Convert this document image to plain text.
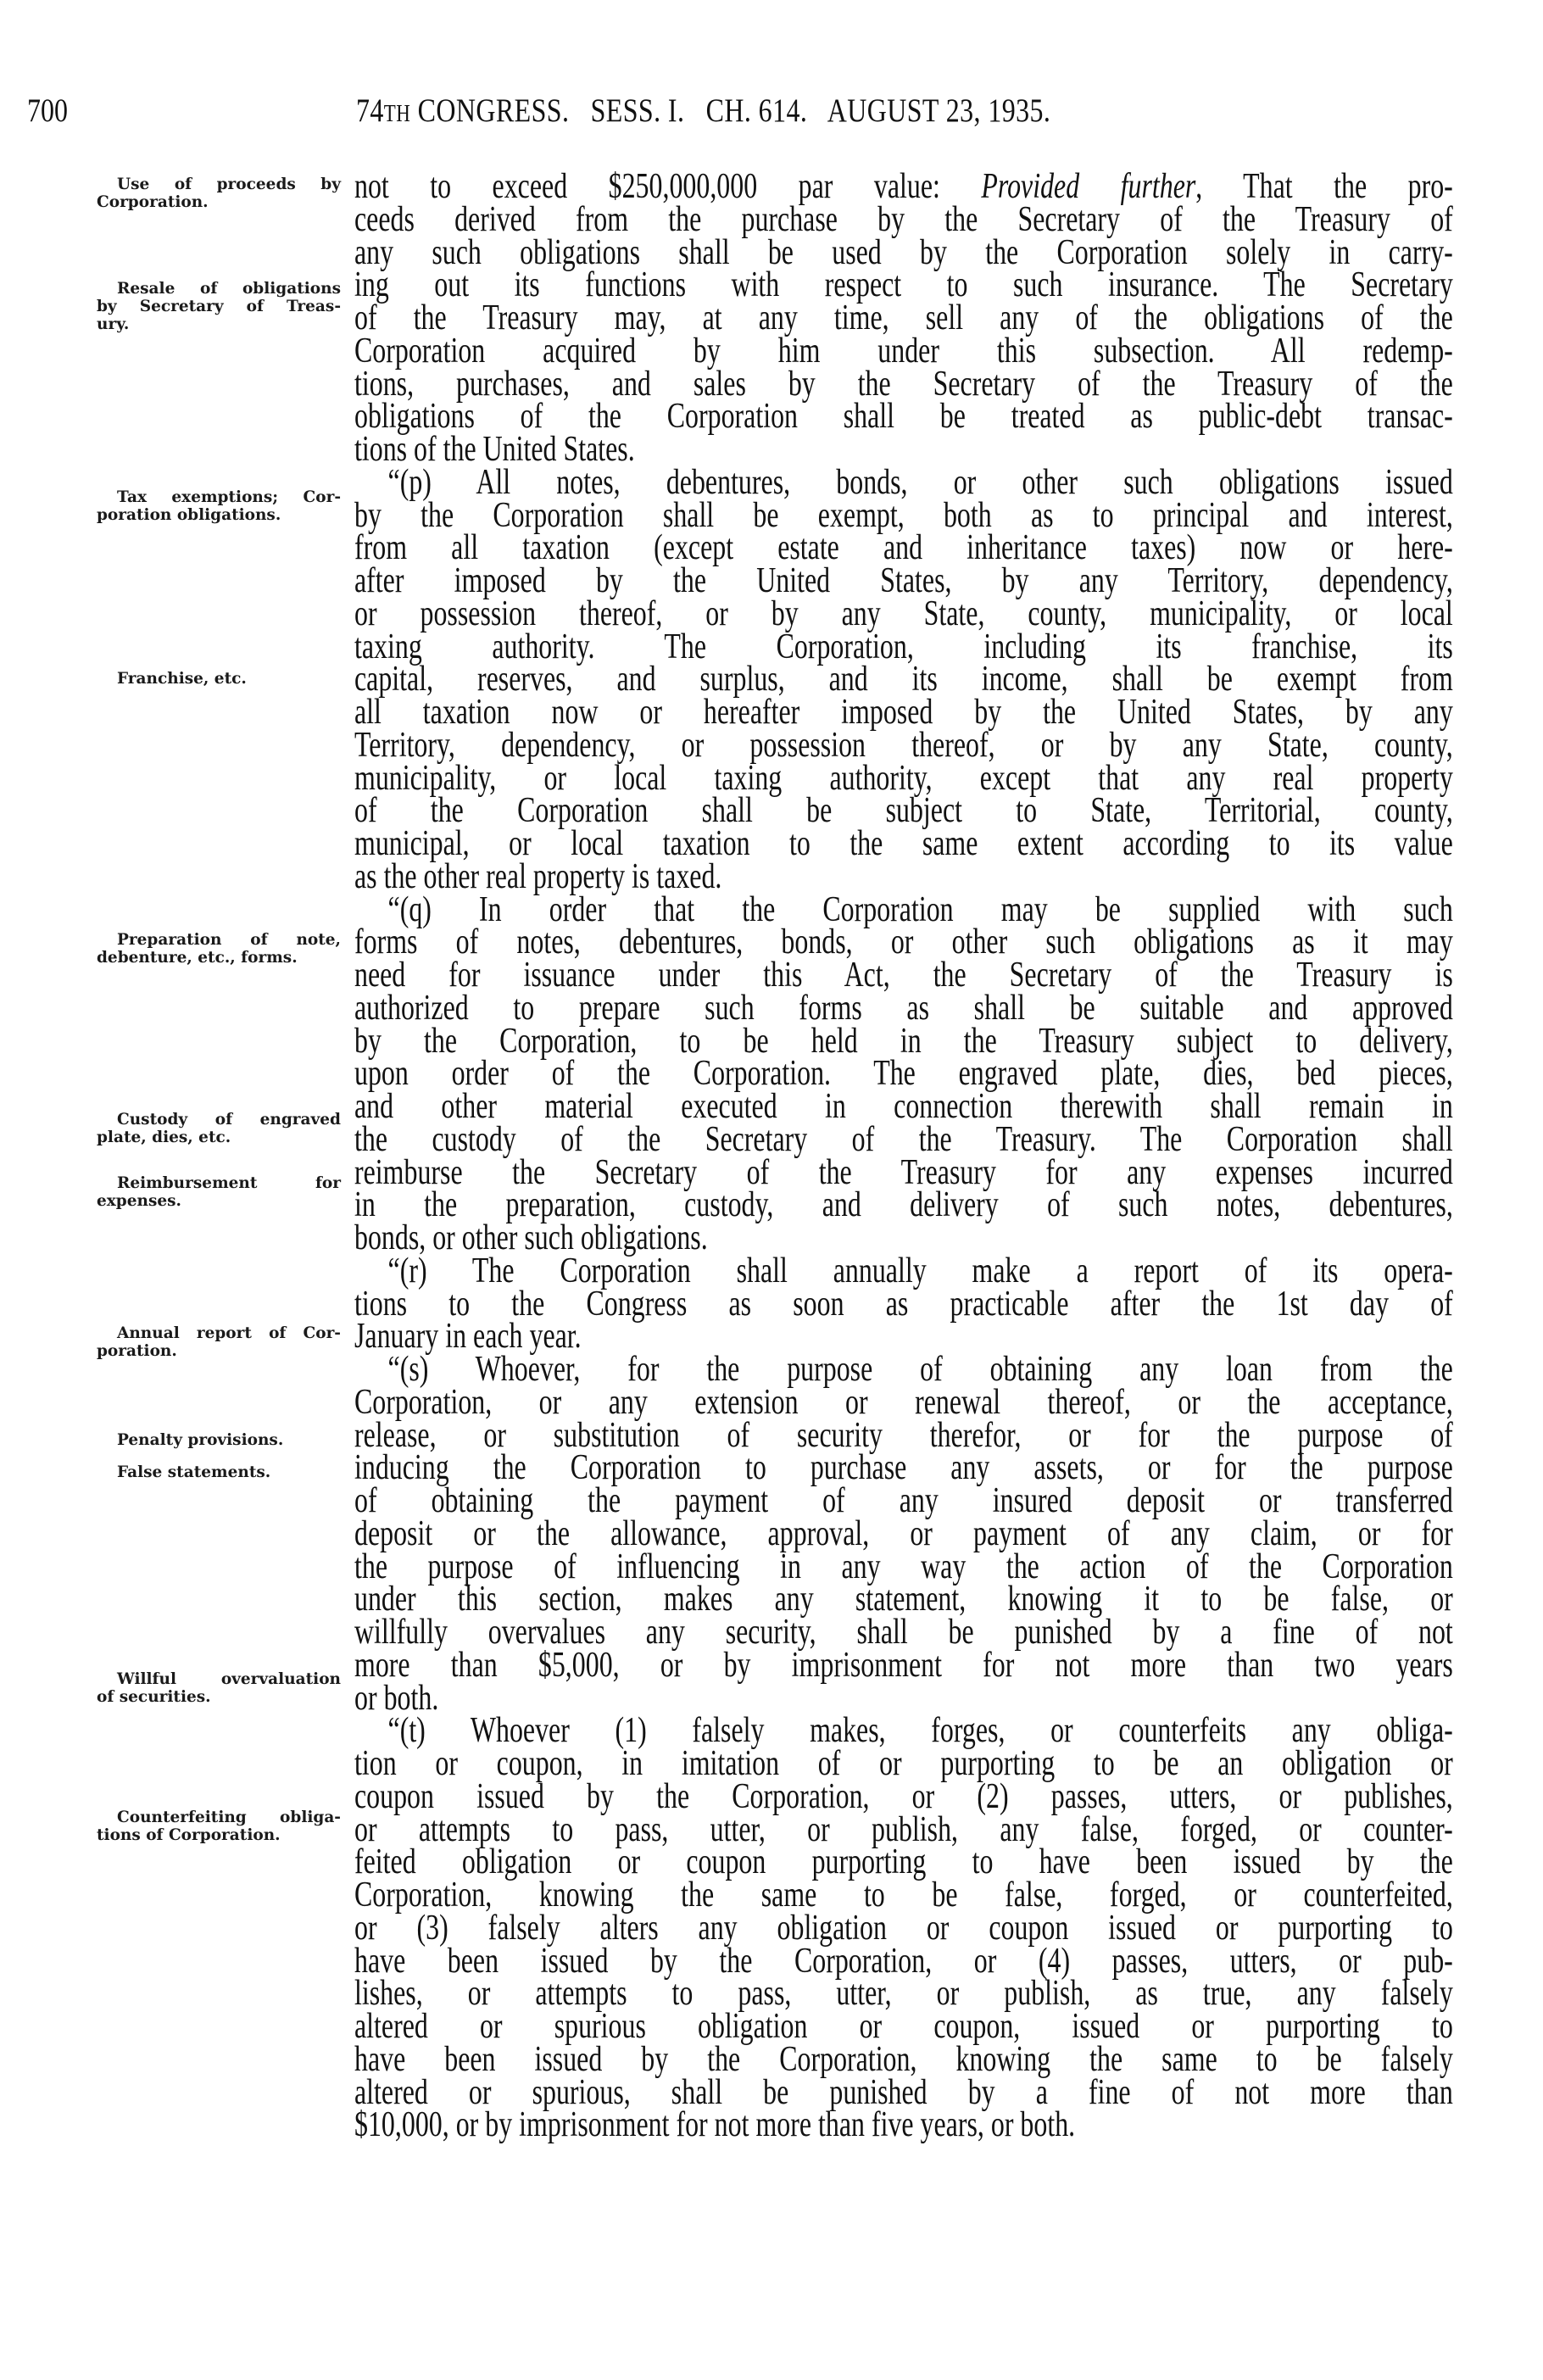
700	74TH CONGRESS.   SESS. I.   CH. 614.   AUGUST 23, 1935.
Use of proceeds by
Corporation.
Resale of obligations
by Secretary of Treas-
ury.
Tax exemptions; Cor-
poration obligations.
Franchise, etc.
Preparation of note,
debenture, etc., forms.
Custody of engraved
plate, dies, etc.
Reimbursement for
expenses.
Annual report of Cor-
poration.
Penalty provisions.
False statements.
Willful overvaluation
of securities.
Counterfeiting obliga-
tions of Corporation.
not to exceed $250,000,000 par value: Provided further, That the pro-
ceeds derived from the purchase by the Secretary of the Treasury of
any such obligations shall be used by the Corporation solely in carry-
ing out its functions with respect to such insurance. The Secretary
of the Treasury may, at any time, sell any of the obligations of the
Corporation acquired by him under this subsection. All redemp-
tions, purchases, and sales by the Secretary of the Treasury of the
obligations of the Corporation shall be treated as public-debt transac-
tions of the United States.
“(p) All notes, debentures, bonds, or other such obligations issued
by the Corporation shall be exempt, both as to principal and interest,
from all taxation (except estate and inheritance taxes) now or here-
after imposed by the United States, by any Territory, dependency,
or possession thereof, or by any State, county, municipality, or local
taxing authority. The Corporation, including its franchise, its
capital, reserves, and surplus, and its income, shall be exempt from
all taxation now or hereafter imposed by the United States, by any
Territory, dependency, or possession thereof, or by any State, county,
municipality, or local taxing authority, except that any real property
of the Corporation shall be subject to State, Territorial, county,
municipal, or local taxation to the same extent according to its value
as the other real property is taxed.
“(q) In order that the Corporation may be supplied with such
forms of notes, debentures, bonds, or other such obligations as it may
need for issuance under this Act, the Secretary of the Treasury is
authorized to prepare such forms as shall be suitable and approved
by the Corporation, to be held in the Treasury subject to delivery,
upon order of the Corporation. The engraved plate, dies, bed pieces,
and other material executed in connection therewith shall remain in
the custody of the Secretary of the Treasury. The Corporation shall
reimburse the Secretary of the Treasury for any expenses incurred
in the preparation, custody, and delivery of such notes, debentures,
bonds, or other such obligations.
“(r) The Corporation shall annually make a report of its opera-
tions to the Congress as soon as practicable after the 1st day of
January in each year.
“(s) Whoever, for the purpose of obtaining any loan from the
Corporation, or any extension or renewal thereof, or the acceptance,
release, or substitution of security therefor, or for the purpose of
inducing the Corporation to purchase any assets, or for the purpose
of obtaining the payment of any insured deposit or transferred
deposit or the allowance, approval, or payment of any claim, or for
the purpose of influencing in any way the action of the Corporation
under this section, makes any statement, knowing it to be false, or
willfully overvalues any security, shall be punished by a fine of not
more than $5,000, or by imprisonment for not more than two years
or both.
“(t) Whoever (1) falsely makes, forges, or counterfeits any obliga-
tion or coupon, in imitation of or purporting to be an obligation or
coupon issued by the Corporation, or (2) passes, utters, or publishes,
or attempts to pass, utter, or publish, any false, forged, or counter-
feited obligation or coupon purporting to have been issued by the
Corporation, knowing the same to be false, forged, or counterfeited,
or (3) falsely alters any obligation or coupon issued or purporting to
have been issued by the Corporation, or (4) passes, utters, or pub-
lishes, or attempts to pass, utter, or publish, as true, any falsely
altered or spurious obligation or coupon, issued or purporting to
have been issued by the Corporation, knowing the same to be falsely
altered or spurious, shall be punished by a fine of not more than
$10,000, or by imprisonment for not more than five years, or both.
